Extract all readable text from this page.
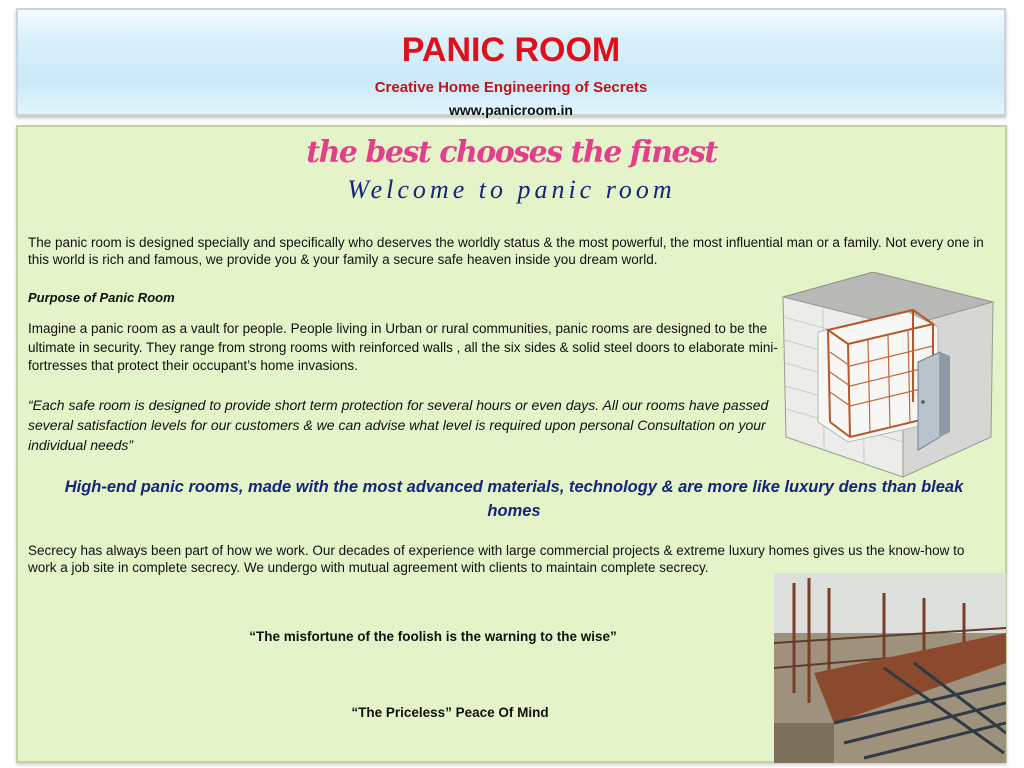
PANIC ROOM
Creative Home Engineering of Secrets
www.panicroom.in
the best chooses the finest
Welcome to panic room
The panic room is designed specially and specifically who deserves the worldly status & the most powerful, the most influential man or a family. Not every one in this world is rich and famous, we provide you & your family a secure safe heaven inside you dream world.
Purpose of Panic Room
Imagine a panic room as a vault for people. People living in Urban or rural communities, panic rooms are designed to be the ultimate in security. They range from strong rooms with reinforced walls , all the six sides & solid steel doors to elaborate mini-fortresses that protect their occupant’s home invasions.
“Each safe room is designed to provide short term protection for several hours or even days. All our rooms have passed several satisfaction levels for our customers & we can advise what level is required upon personal Consultation on your individual needs”
High-end panic rooms, made with the most advanced materials, technology & are more like luxury dens than bleak homes
Secrecy has always been part of how we work. Our decades of experience with large commercial projects & extreme luxury homes gives us the know-how to work a job site in complete secrecy. We undergo with mutual agreement with clients to maintain complete secrecy.
“The misfortune of the foolish is the warning to the wise”
“The Priceless” Peace Of Mind
